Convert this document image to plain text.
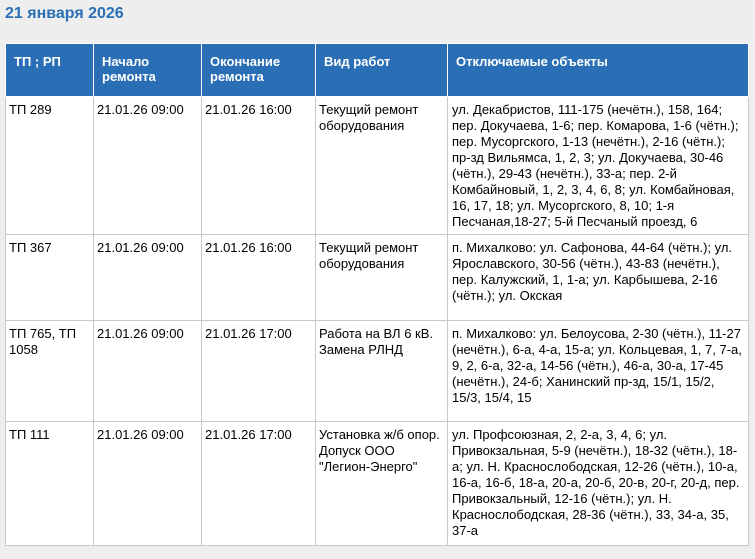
21 января 2026
ТП ; РП	Начало ремонта	Окончание ремонта	Вид работ	Отключаемые объекты
ТП 289	21.01.26 09:00	21.01.26 16:00	Текущий ремонт оборудования	ул. Декабристов, 111-175 (нечётн.), 158, 164; пер. Докучаева, 1-6; пер. Комарова, 1-6 (чётн.); пер. Мусоргского, 1-13 (нечётн.), 2-16 (чётн.); пр-зд Вильямса, 1, 2, 3; ул. Докучаева, 30-46 (чётн.), 29-43 (нечётн.), 33-а; пер. 2-й Комбайновый, 1, 2, 3, 4, 6, 8; ул. Комбайновая, 16, 17, 18; ул. Мусоргского, 8, 10; 1-я Песчаная,18-27; 5-й Песчаный проезд, 6
ТП 367	21.01.26 09:00	21.01.26 16:00	Текущий ремонт оборудования	п. Михалково: ул. Сафонова, 44-64 (чётн.); ул. Ярославского, 30-56 (чётн.), 43-83 (нечётн.), пер. Калужский, 1, 1-а; ул. Карбышева, 2-16 (чётн.); ул. Окская
ТП 765, ТП 1058	21.01.26 09:00	21.01.26 17:00	Работа на ВЛ 6 кВ. Замена РЛНД	п. Михалково: ул. Белоусова, 2-30 (чётн.), 11-27 (нечётн.), 6-а, 4-а, 15-а; ул. Кольцевая, 1, 7, 7-а, 9, 2, 6-а, 32-а, 14-56 (чётн.), 46-а, 30-а, 17-45 (нечётн.), 24-б; Ханинский пр-зд, 15/1, 15/2, 15/3, 15/4, 15
ТП 111	21.01.26 09:00	21.01.26 17:00	Установка ж/б опор. Допуск ООО "Легион-Энерго"	ул. Профсоюзная, 2, 2-а, 3, 4, 6; ул. Привокзальная, 5-9 (нечётн.), 18-32 (чётн.), 18-а; ул. Н. Краснослободская, 12-26 (чётн.), 10-а, 16-а, 16-б, 18-а, 20-а, 20-б, 20-в, 20-г, 20-д, пер. Привокзальный, 12-16 (чётн.); ул. Н. Краснослободская, 28-36 (чётн.), 33, 34-а, 35, 37-а
